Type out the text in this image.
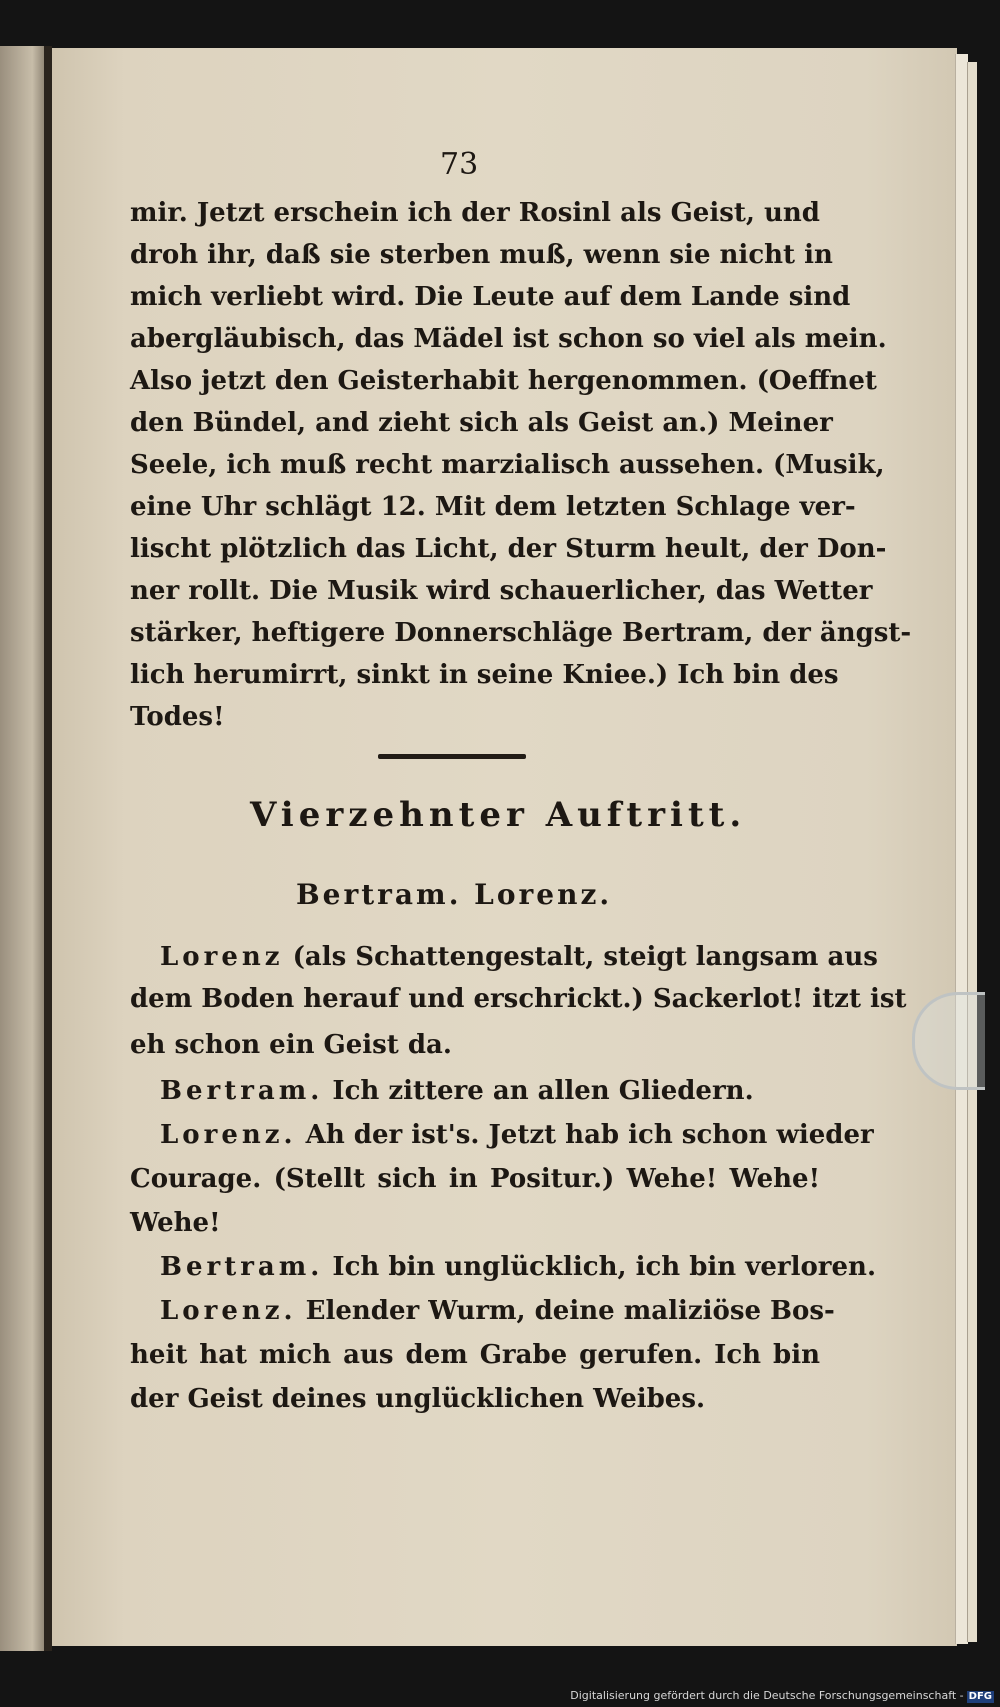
73
mir. Jetzt erschein ich der Rosinl als Geist, und
droh ihr, daß sie sterben muß, wenn sie nicht in
mich verliebt wird. Die Leute auf dem Lande sind
abergläubisch, das Mädel ist schon so viel als mein.
Also jetzt den Geisterhabit hergenommen. (Oeffnet
den Bündel, and zieht sich als Geist an.) Meiner
Seele, ich muß recht marzialisch aussehen. (Musik,
eine Uhr schlägt 12. Mit dem letzten Schlage ver-
lischt plötzlich das Licht, der Sturm heult, der Don-
ner rollt. Die Musik wird schauerlicher, das Wetter
stärker, heftigere Donnerschläge Bertram, der ängst-
lich herumirrt, sinkt in seine Kniee.) Ich bin des
Todes!
Vierzehnter Auftritt.
Bertram. Lorenz.
Lorenz (als Schattengestalt, steigt langsam aus
dem Boden herauf und erschrickt.) Sackerlot! itzt ist
eh schon ein Geist da.
Bertram. Ich zittere an allen Gliedern.
Lorenz. Ah der ist's. Jetzt hab ich schon wieder
Courage. (Stellt sich in Positur.) Wehe! Wehe!
Wehe!
Bertram. Ich bin unglücklich, ich bin verloren.
Lorenz. Elender Wurm, deine maliziöse Bos-
heit hat mich aus dem Grabe gerufen. Ich bin
der Geist deines unglücklichen Weibes.
Digitalisierung gefördert durch die Deutsche Forschungsgemeinschaft - DFG
